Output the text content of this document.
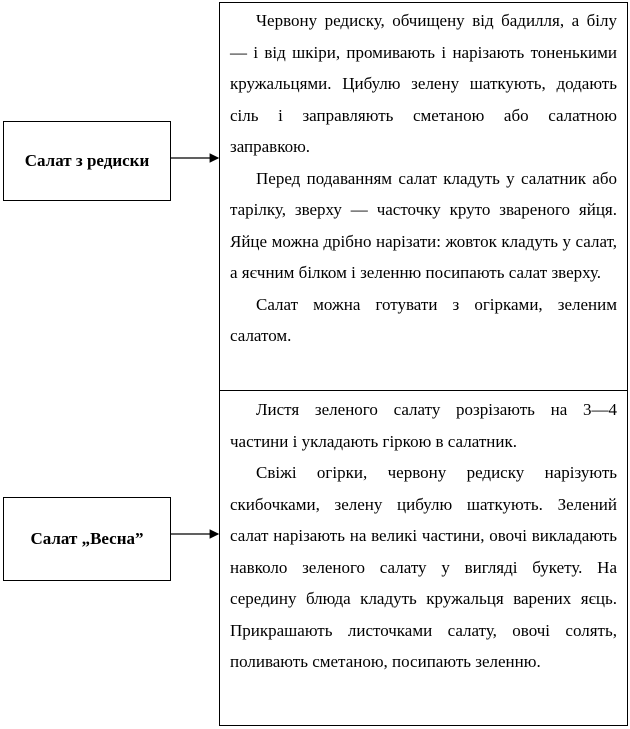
Салат з редиски

Червону редиску, обчищену від бадилля, а білу — і від шкіри, промивають і нарізають тоненькими кружальцями. Цибулю зелену шаткують, додають сіль і заправляють сметаною або салатною заправкою.

Перед подаванням салат кладуть у салатник або тарілку, зверху — часточку круто звареного яйця. Яйце можна дрібно нарізати: жовток кладуть у салат, а яєчним білком і зеленню посипають салат зверху.

Салат можна готувати з огірками, зеленим салатом.

Салат „Весна”

Листя зеленого салату розрізають на 3—4 частини і укладають гіркою в салатник.

Свіжі огірки, червону редиску нарізують скибочками, зелену цибулю шаткують. Зелений салат нарізають на великі частини, овочі викладають навколо зеленого салату у вигляді букету. На середину блюда кладуть кружальця варених яєць. Прикрашають листочками салату, овочі солять, поливають сметаною, посипають зеленню.
